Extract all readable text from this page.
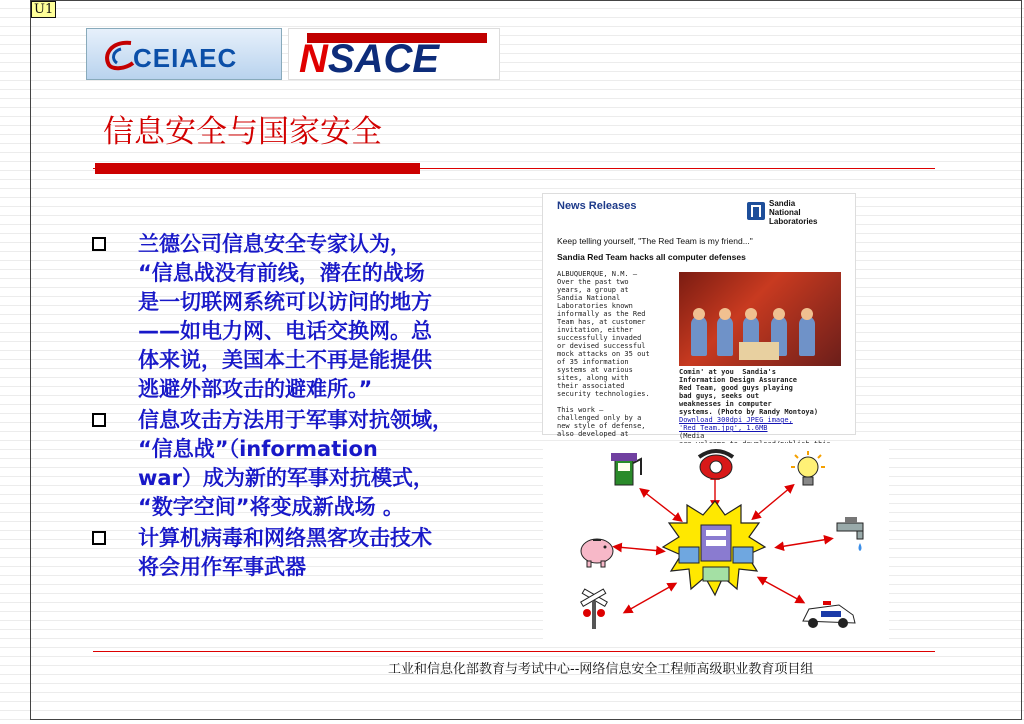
U1
CEIAEC NSACE
信息安全与国家安全
兰德公司信息安全专家认为，
“信息战没有前线，潜在的战场
是一切联网系统可以访问的地方
——如电力网、电话交换网。总
体来说，美国本土不再是能提供
逃避外部攻击的避难所。”
信息攻击方法用于军事对抗领域，
“信息战”（information
war）成为新的军事对抗模式，
“数字空间”将变成新战场 。
计算机病毒和网络黑客攻击技术
将会用作军事武器
News Releases	Sandia
National
Laboratories
Keep telling yourself, "The Red Team is my friend..."
Sandia Red Team hacks all computer defenses
ALBUQUERQUE, N.M. —
Over the past two
years, a group at
Sandia National
Laboratories known
informally as the Red
Team has, at customer
invitation, either
successfully invaded
or devised successful
mock attacks on 35 out
of 35 information
systems at various
sites, along with
their associated
security technologies.

This work —
challenged only by a
new style of defense,
also developed at
Comin' at you  Sandia's
Information Design Assurance
Red Team, good guys playing
bad guys, seeks out
weaknesses in computer
systems. (Photo by Randy Montoya)
Download 300dpi JPEG image,
'Red Team.jpg', 1.6MB
(Media

工业和信息化部教育与考试中心--网络信息安全工程师高级职业教育项目组
